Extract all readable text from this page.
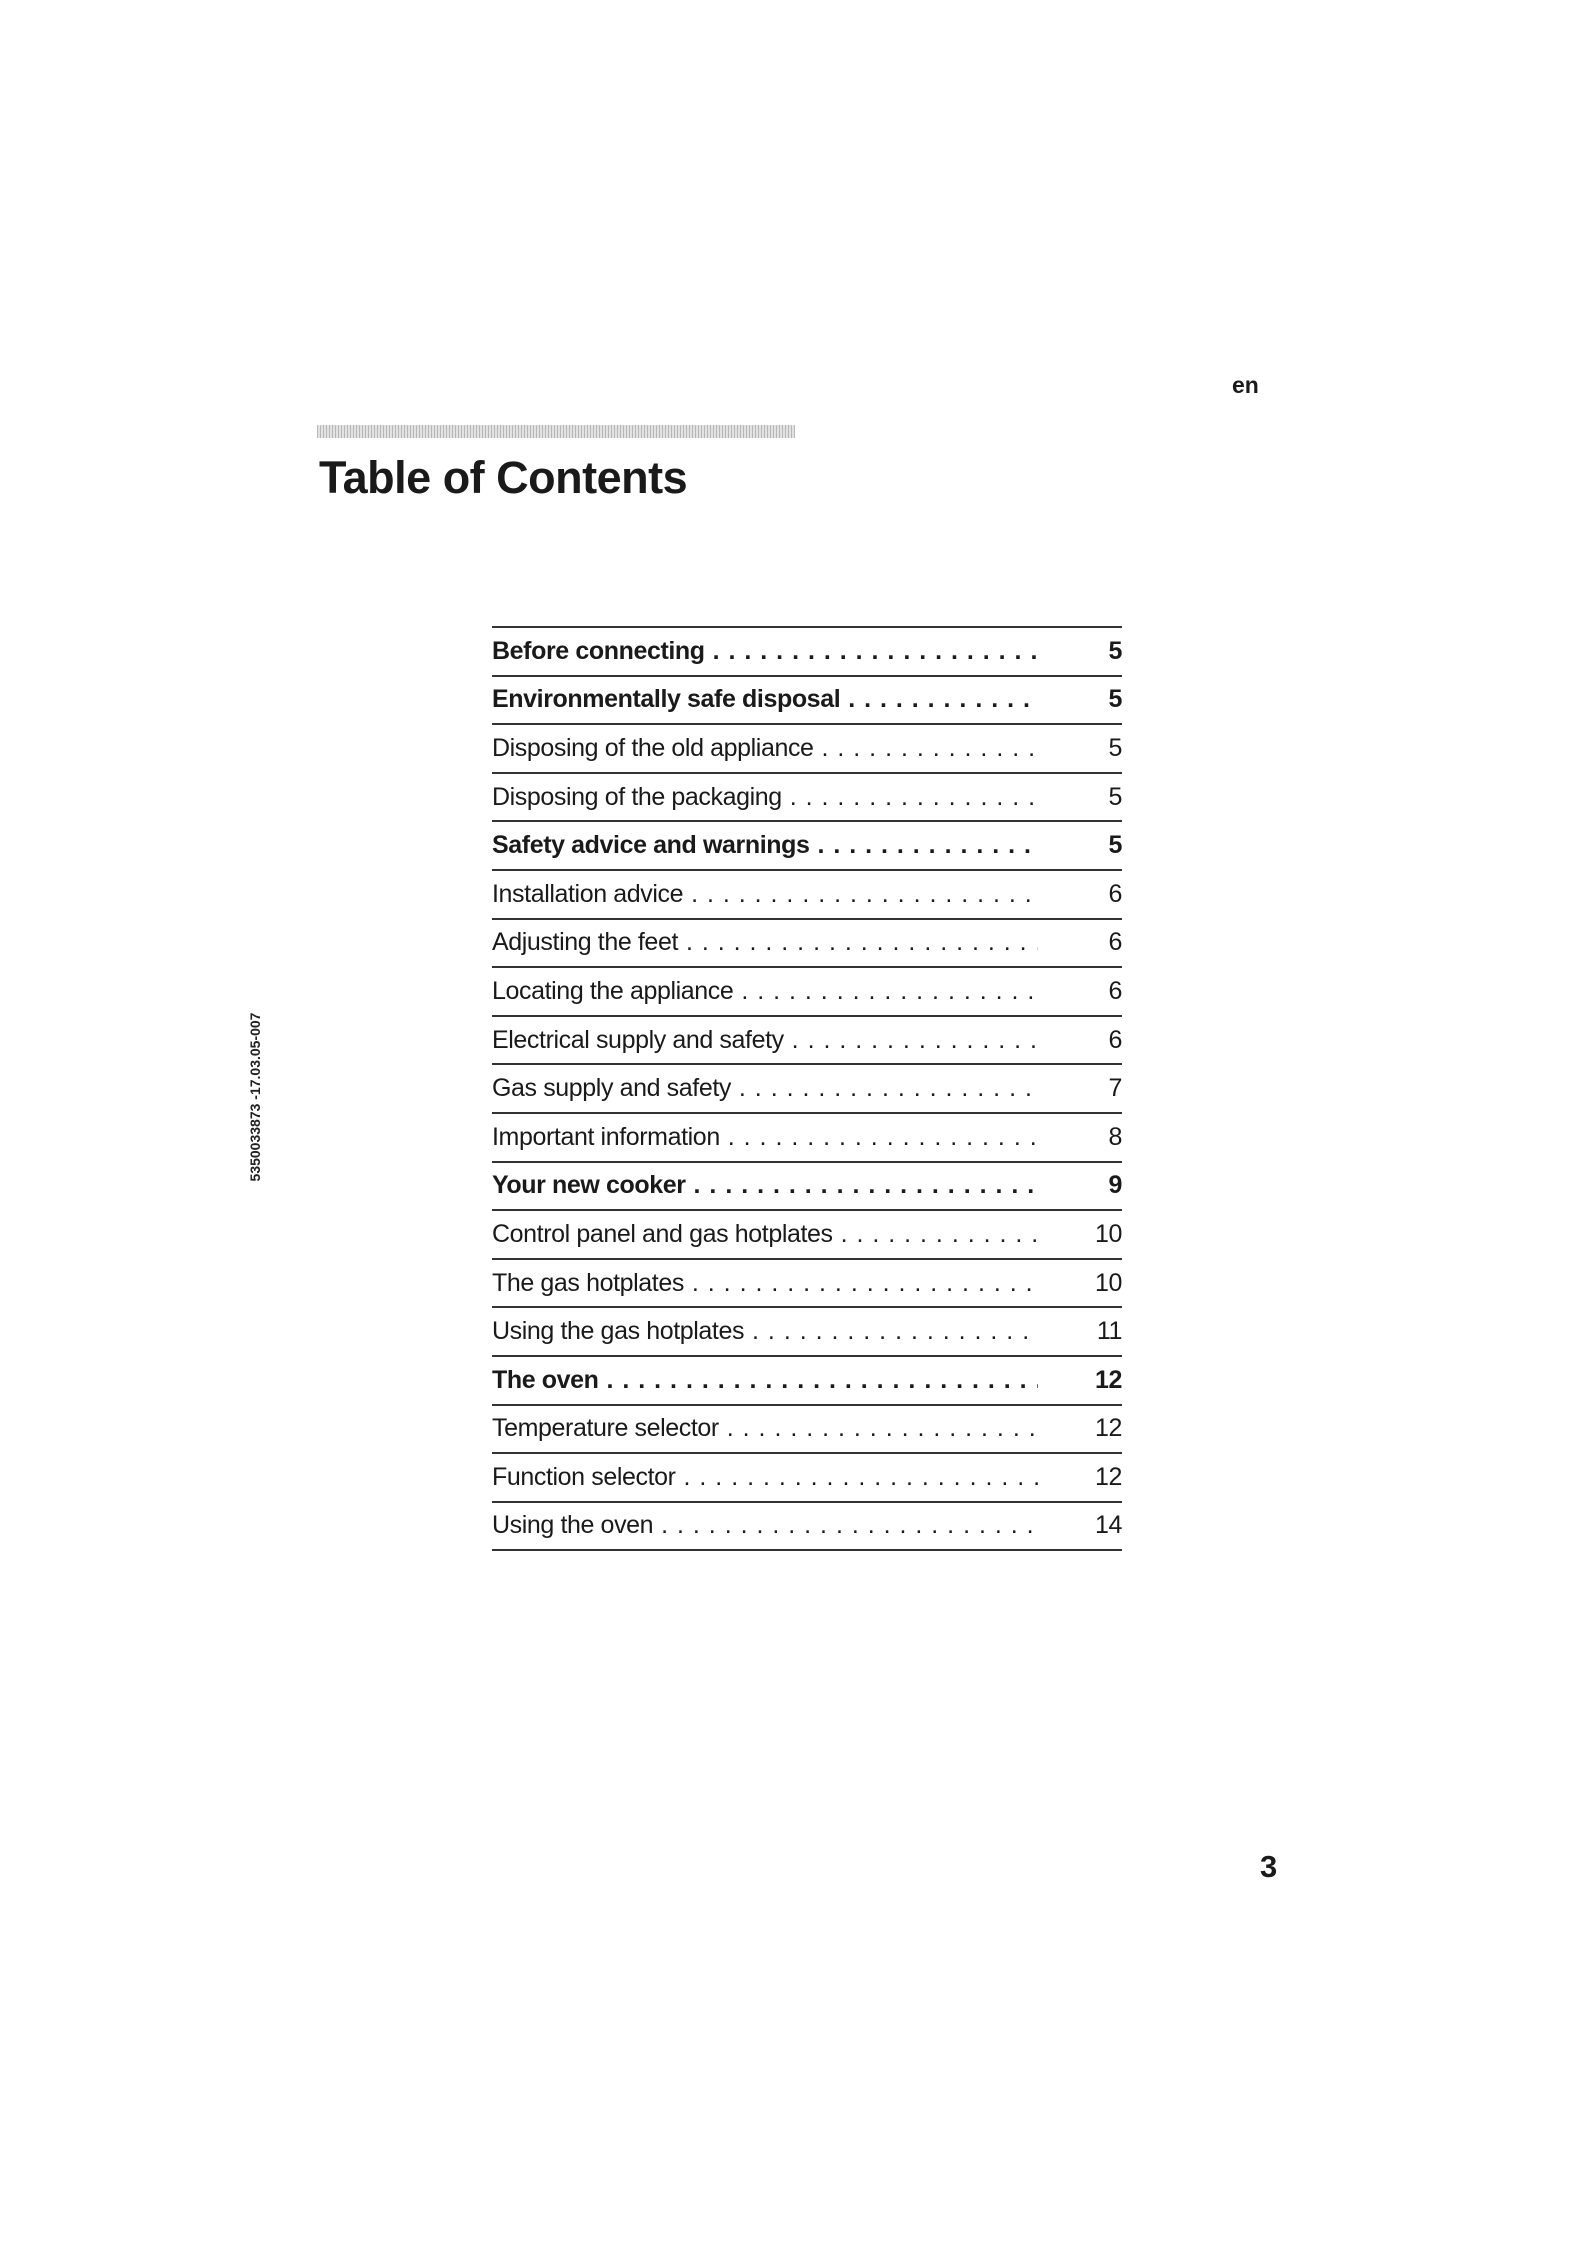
en
Table of Contents
5350033873 -17.03.05-007
Before connecting . . .	5
Environmentally safe disposal . . .	5
Disposing of the old appliance . . .	5
Disposing of the packaging . . .	5
Safety advice and warnings . . .	5
Installation advice . . .	6
Adjusting the feet . . .	6
Locating the appliance . . .	6
Electrical supply and safety . . .	6
Gas supply and safety . . .	7
Important information . . .	8
Your new cooker . . .	9
Control panel and gas hotplates . . .	10
The gas hotplates . . .	10
Using the gas hotplates . . .	11
The oven . . .	12
Temperature selector . . .	12
Function selector . . .	12
Using the oven . . .	14
3
